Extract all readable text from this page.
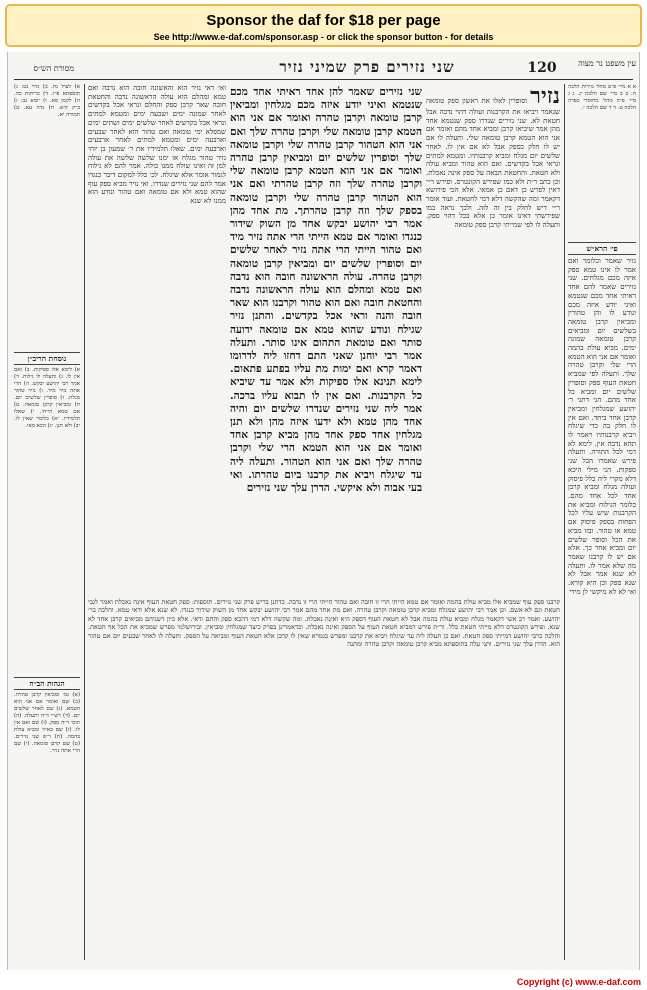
Sponsor the daf for $18 per page
See http://www.e-daf.com/sponsor.asp - or click the sponsor button - for details
עין משפט נר מצוה
120
שני נזירים פרק שמיני נזיר
מסורת הש״ס
א א מיי׳ פ״ט מהל׳ נזירות הלכה ח. ב ב מיי׳ שם הלכה יג. ג ג מיי׳ פ״ה מהל׳ מחוסרי כפרה הלכה ט. ד ד שם הלכה י.
פי׳ הרא״ש
נזיר שאמר וכלומר ואם אמר לו אינו טמא ספק איזה מכם מגלחים. שני נזירים שאמר להם אחד ראיתי אחד מכם שנטמא ואיני יודע איזה מכם ונודע לו והן טהורין ומביאין קרבן טומאה בשלשים יום ומביאים קרבן טומאה שמונה ימים. מביא עולת בהמה ואומר אם אני הוא הטמא הרי שלי וקרבן טהרה שלך. ותעלה לפי שמביא חטאת העוף ספק וסופרין שלשים יום ומביא כל אחד מהם. הני דתני ר׳ יהושע שמגלחין ומביאין קרבן אחד ביחד. ואם אין לו חלק בה כדי שיגלח ויביא קרבנותיו ויאמר לו תהא נדבה אין. לימא לא דמי לכל התורה. ותעלה פירש שאמרו הכל שני ספקות. הני מילי היכא דלא מקרי ליה כלל פיסוק ועולה מגלח ומביא קרבן אחד לכל אחד מהם. כלומר הגילוח ומביא את הקרבנות שיש עליו לכל הפחות בספק פיסוק אם טמא או טהור. ובזו מביא את הכל וסופר שלשים יום ומביא אחר כך. אלא אם יש לו קרבנו שאמר מה שלא אמר לו. ותעלה לא שנא אמר אבל לא שנא ספק וכן היא קורא. ואי לא לא מיקשי לן מידי
נזיר וסופרין לאלו את ראשון ספק טומאה שנאמר ויביאו את הקרבנות ועולה דהוי נדבה אבל חטאת לא. שני נזירים שנדרו ספק שנטמא אחד מהן אמר שיביאו קרבן ומביא אחד מהם ואומר אם אני הוא הטמא קרבן טומאה שלי. ותעלה לו אם יש לו חלק בספק אבל לא אם אין לו. לאחר שלשים יום מגלח ומביא קרבנותיו. ומטמא למתים ונראי אכל בקדשים. ואם הוא טהור ומביא עולה ולא חטאת. והחטאת הבאה על ספק אינה נאכלת. וכן כתב ר״ת ולא כמו שפירש הקונטרס. ופירש ר״י דאין לפרש כן דאם כן אמאי. אלא הכי פירושא דקאמר ומה שהקשה דלא דמי לחטאת. ועוד אומר ר״י דיש לחלק בין זה לזה. ולכך נראה כמו שפירשתי דאינו אומר כן אלא בכל דהוי ספק. ותעלה לו לפי שמייתי קרבן ספק טומאה
שני נזירים שאמר להן אחד ראיתי אחד מכם שנטמא ואיני יודע איזה מכם מגלחין ומביאין קרבן טומאה וקרבן טהרה ואומר אם אני הוא הטמא קרבן טומאה שלי וקרבן טהרה שלך ואם אני הוא הטהור קרבן טהרה שלי וקרבן טומאה שלך וסופרין שלשים יום ומביאין קרבן טהרה ואומר אם אני הוא הטמא קרבן טומאה שלי וקרבן טהרה שלך וזה קרבן טהרתי ואם אני הוא הטהור קרבן טהרה שלי וקרבן טומאה בספק שלך וזה קרבן טהרתך. מת אחד מהן אמר רבי יהושע יבקש אחד מן השוק שידור כנגדו ואומר אם טמא הייתי הרי אתה נזיר מיד ואם טהור הייתי הרי אתה נזיר לאחר שלשים יום וסופרין שלשים יום ומביאין קרבן טומאה וקרבן טהרה. עולה הראשונה חובה הוא נדבה ואם טמא ומהלם הוא עולה הראשונה נדבה והחטאת חובה ואם הוא טהור וקרבנו הוא שאר חובה והנה וראי אכל בקדשים. והתנן נזיר שגילח ונודע שהוא טמא אם טומאה ידועה סותר ואם טומאת התהום אינו סותר. ותעלה אמר רבי יוחנן שאני התם דחזו ליה לדרומו דאמר קרא ואם ימות מת עליו בפתע פתאום. לימא תנינא אלו ספיקות ולא אמר עד שיביא כל הקרבנות. ואם אין לו תבוא עליו ברכה. אמר ליה שני נזירים שנדרו שלשים יום והיה אחד מהן טמא ולא ידעו איזה מהן ולא תנן מגלחין אחד ספק אחד מהן מביא קרבן אחד ואומר אם אני הוא הטמא הרי שלי וקרבן טהרה שלך ואם אני הוא הטהור. ותעלה ליה עד שיגלח ויביא את קרבנו ביום טהרתו. ואי בעי אבוה ולא איקשי. הדרן עלך שני נזירים
ואי ראי נזיר הוא והאשונה חובה הוא נדבה ואם טמא ומהלם הוא עולה הראשונה נדבה והחטאת חובה שאר קרבן ספק והחלם ונראי אכל בקדשים לאחר שמונה ימים ושבעה ימים ומטמא למתים ונראי אכל בקדשים לאחר שלשים ימים ושתים ימים שמפלא ימי טומאה ואם טהור הוא לאחר שבעים וארבעה ימים ומטמא למתים לאחר ארבעים וארבעה ימים. שאלו תלמידיו את ר׳ שמעון בן יוחי נזיר טהור מגלח או ימנו שלשה שלשה את עולה למן זה ואינו שולח ממנו כולה. אמר להם לא גילוח לגמור אומר אלא שיגלח. לכ׳ כלל למקום דיבר כנגדו אמר להם שני נזירים שנדרו. ואי נזיר מביא ספק עוף שהוא טמא ולא אם טומאה ואם טהור ונודע הוא ממנו לא שנא
א) לעיל נח. ב) נזיר נט: ג) תוספתא פ״ו. ד) כריתות כה. ה) לקמן סא. ו) יומא נב: ז) ב״ק קיא. ח) נדה עא. ט) תמורה יא.
נוסחת הריב״ן
א) לימא אלו ספיקות. ב) ואם אין לו. ג) ותעלה לו גילוח. ד) אמר רבי יהושע יבקש. ה) הרי אתה נזיר מיד. ו) נזיר טהור מגלח. ז) סופרין שלשים יום. ח) ומביאין קרבן טומאה. ט) אם טמא הייתי. י) שאלו תלמידיו. יא) כלומר שאין לו. יב) ולא תנן. יג) הכא מאי.
הגהות הב״ח
(א) גמ׳ ומביאין קרבן טהרה. (ב) שם ואומר אם אני הוא הטמא. (ג) שם לאחר שלשים יום. (ד) רש״י ד״ה ותעלה. (ה) תוס׳ ד״ה ספק. (ו) שם ואם אין לו. (ז) שם בא״ד ומביא עולת בהמה. (ח) ר״פ שני נזירים. (ט) שם קרבן טומאה. (י) שם הרי אתה נזיר.
קרבנו ספק עוף שמביא אלו מביא עולת בהמה ואומר אם טמא הייתי הרי זו חובה ואם טהור הייתי הרי זו נדבה. כדתנן בריש פרק שני נזירים. תוספות: ספק חטאת העוף אינה נאכלת ואמר לגבי חטאת וגם לא אשם. וכן אמר רבי יהושע שמגלח ומביא קרבן טומאה וקרבן טהרה. ואם מת אחד מהם אמר רבי יהושע יבקש אחד מן השוק שידור כנגדו. לא שנא אלא ודאי טמא. והלכה כר׳ יהושע. ואמר רב אשי דקאמר מגלח ומביא עולת בהמה אבל לא חטאת העוף דספק היא ואינה נאכלת. ומה שקשה דלא דמי דהכא ספק והתם ודאי. אלא כיון דשניהם מביאים קרבן אחד לא שנא. ופירש הקונטרס דלא מייתי חטאת כלל. ור״ת פירש דמביא חטאת העוף על הספק ואינה נאכלת. וכדאמרינן בפרק כיצד שמגלחין ומביאין. ובירושלמי מפרש שמביא את הכל אף חטאת. והלכה כרבי יהושע דמייתי ספק חטאת. ואם כן תעלה ליה עד שיגלח ויביא את קרבנו ומפרש בגמרא שאין לו קרבן אלא חטאת העוף ומביאה על הספק. ותעלה לו לאחר שבעים יום אם טהור הוא. הדרן עלך שני נזירים. ותני עלה בתוספתא מביא קרבן טומאה וקרבן טהרה ומתנה
Copyright (c) www.e-daf.com
